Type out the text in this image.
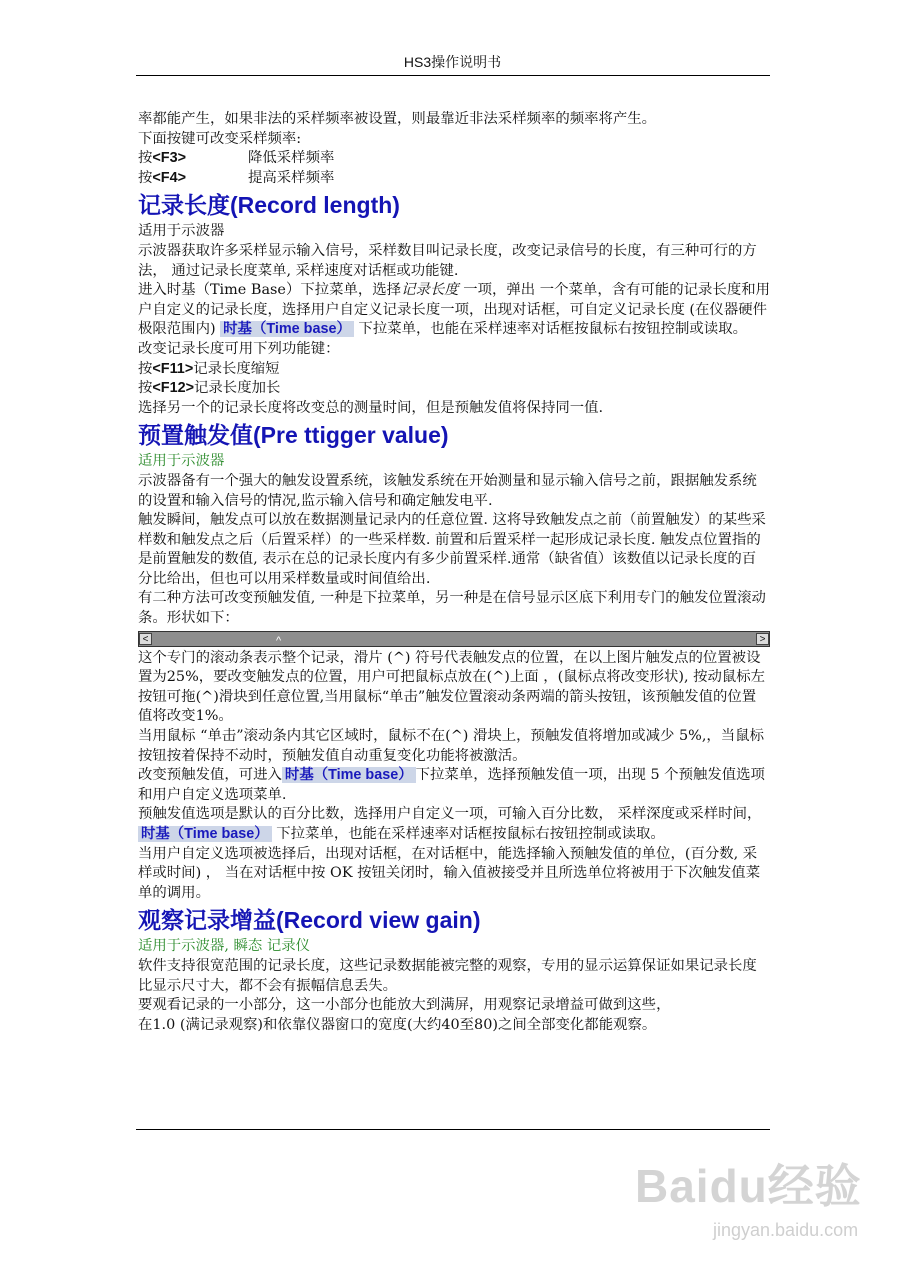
HS3操作说明书

率都能产生，如果非法的采样频率被设置，则最靠近非法采样频率的频率将产生。

下面按键可改变采样频率:

按<F3>	降低采样频率
按<F4>	提高采样频率
记录长度(Record length)

适用于示波器

示波器获取许多采样显示输入信号，采样数目叫记录长度，改变记录信号的长度，有三种可行的方法， 通过记录长度菜单, 采样速度对话框或功能键.

进入时基（Time Base）下拉菜单，选择记录长度 一项，弹出 一个菜单，含有可能的记录长度和用户自定义的记录长度，选择用户自定义记录长度一项，出现对话框，可自定义记录长度 (在仪器硬件极限范围内) 时基（Time base） 下拉菜单，也能在采样速率对话框按鼠标右按钮控制或读取。

改变记录长度可用下列功能键：

按<F11>记录长度缩短

按<F12>记录长度加长

选择另一个的记录长度将改变总的测量时间，但是预触发值将保持同一值.

预置触发值(Pre ttigger value)

适用于示波器

示波器备有一个强大的触发设置系统，该触发系统在开始测量和显示输入信号之前，跟据触发系统的设置和输入信号的情况,监示输入信号和确定触发电平.

触发瞬间，触发点可以放在数据测量记录内的任意位置. 这将导致触发点之前（前置触发）的某些采样数和触发点之后（后置采样）的一些采样数. 前置和后置采样一起形成记录长度. 触发点位置指的是前置触发的数值, 表示在总的记录长度内有多少前置采样.通常（缺省值）该数值以记录长度的百分比给出，但也可以用采样数量或时间值给出.

有二种方法可改变预触发值, 一种是下拉菜单，另一种是在信号显示区底下利用专门的触发位置滚动条。形状如下：

<	^	>

这个专门的滚动条表示整个记录，滑片 (^) 符号代表触发点的位置，在以上图片触发点的位置被设置为25%，要改变触发点的位置，用户可把鼠标点放在(^)上面 ，(鼠标点将改变形状), 按动鼠标左按钮可拖(^)滑块到任意位置,当用鼠标“单击”触发位置滚动条两端的箭头按钮，该预触发值的位置值将改变1%。

当用鼠标 “单击”滚动条内其它区域时，鼠标不在(^) 滑块上，预触发值将增加或减少 5%,，当鼠标按钮按着保持不动时，预触发值自动重复变化功能将被激活。

改变预触发值，可进入 时基（Time base） 下拉菜单，选择预触发值一项，出现 5 个预触发值选项和用户自定义选项菜单.

预触发值选项是默认的百分比数，选择用户自定义一项，可输入百分比数， 采样深度或采样时间，时基（Time base） 下拉菜单，也能在采样速率对话框按鼠标右按钮控制或读取。

当用户自定义选项被选择后，出现对话框，在对话框中，能选择输入预触发值的单位，(百分数, 采样或时间) ， 当在对话框中按 OK 按钮关闭时，输入值被接受并且所选单位将被用于下次触发值菜单的调用。

观察记录增益(Record view gain)

适用于示波器, 瞬态 记录仪

软件支持很宽范围的记录长度，这些记录数据能被完整的观察，专用的显示运算保证如果记录长度比显示尺寸大，都不会有振幅信息丢失。

要观看记录的一小部分，这一小部分也能放大到满屏，用观察记录增益可做到这些，

在1.0 (满记录观察)和依靠仪器窗口的宽度(大约40至80)之间全部变化都能观察。

Baidu经验
jingyan.baidu.com
